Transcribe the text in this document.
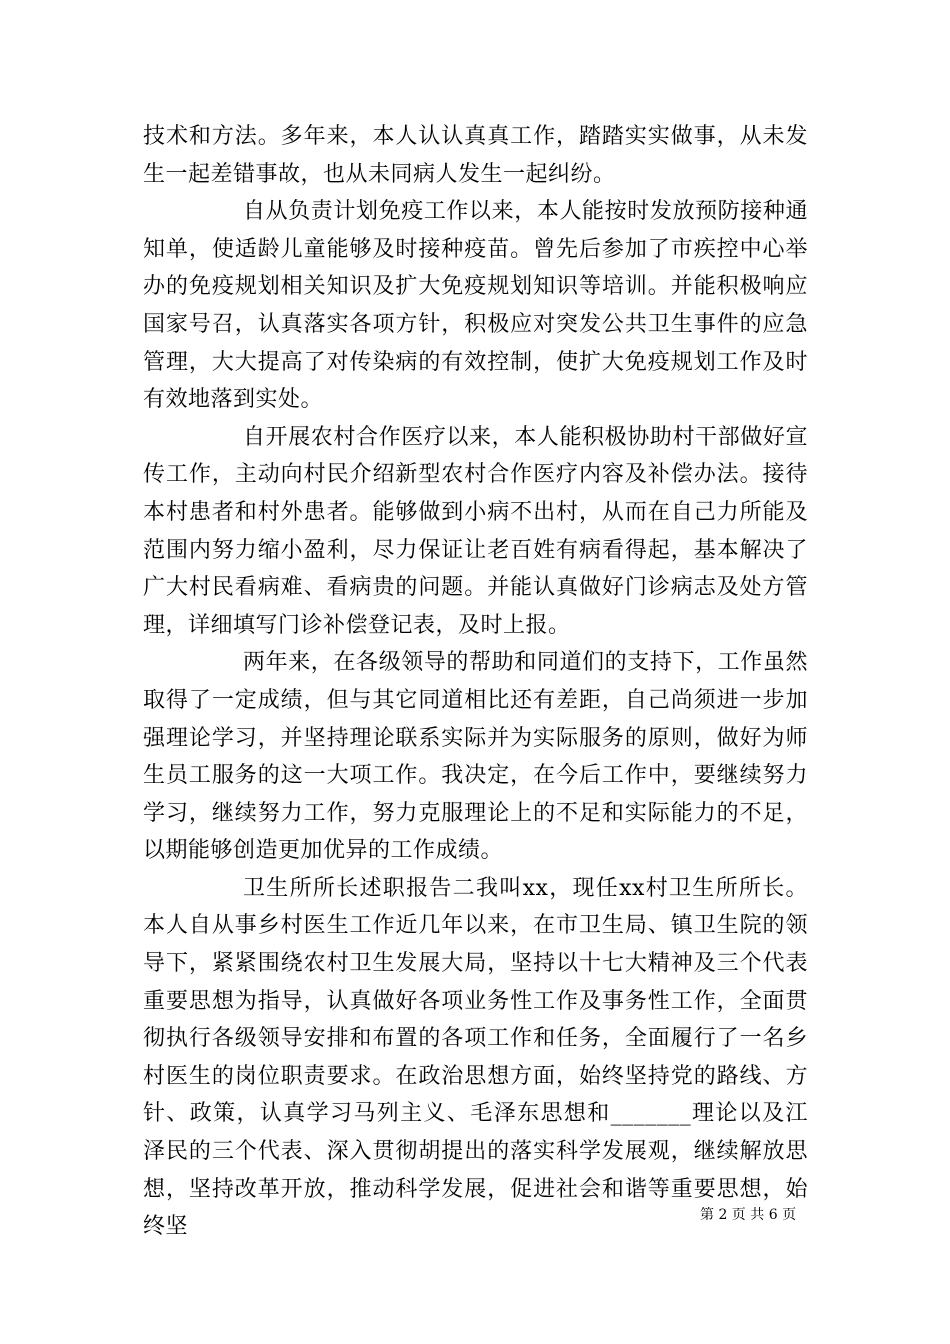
技术和方法。多年来，本人认认真真工作，踏踏实实做事，从未发生一起差错事故，也从未同病人发生一起纠纷。

自从负责计划免疫工作以来，本人能按时发放预防接种通知单，使适龄儿童能够及时接种疫苗。曾先后参加了市疾控中心举办的免疫规划相关知识及扩大免疫规划知识等培训。并能积极响应国家号召，认真落实各项方针，积极应对突发公共卫生事件的应急管理，大大提高了对传染病的有效控制，使扩大免疫规划工作及时有效地落到实处。

自开展农村合作医疗以来，本人能积极协助村干部做好宣传工作，主动向村民介绍新型农村合作医疗内容及补偿办法。接待本村患者和村外患者。能够做到小病不出村，从而在自己力所能及范围内努力缩小盈利，尽力保证让老百姓有病看得起，基本解决了广大村民看病难、看病贵的问题。并能认真做好门诊病志及处方管理，详细填写门诊补偿登记表，及时上报。

两年来，在各级领导的帮助和同道们的支持下，工作虽然取得了一定成绩，但与其它同道相比还有差距，自己尚须进一步加强理论学习，并坚持理论联系实际并为实际服务的原则，做好为师生员工服务的这一大项工作。我决定，在今后工作中，要继续努力学习，继续努力工作，努力克服理论上的不足和实际能力的不足，以期能够创造更加优异的工作成绩。

卫生所所长述职报告二我叫xx，现任xx村卫生所所长。本人自从事乡村医生工作近几年以来，在市卫生局、镇卫生院的领导下，紧紧围绕农村卫生发展大局，坚持以十七大精神及三个代表重要思想为指导，认真做好各项业务性工作及事务性工作，全面贯彻执行各级领导安排和布置的各项工作和任务，全面履行了一名乡村医生的岗位职责要求。在政治思想方面，始终坚持党的路线、方针、政策，认真学习马列主义、毛泽东思想和_______理论以及江泽民的三个代表、深入贯彻胡提出的落实科学发展观，继续解放思想，坚持改革开放，推动科学发展，促进社会和谐等重要思想，始终坚	第 2 页 共 6 页
